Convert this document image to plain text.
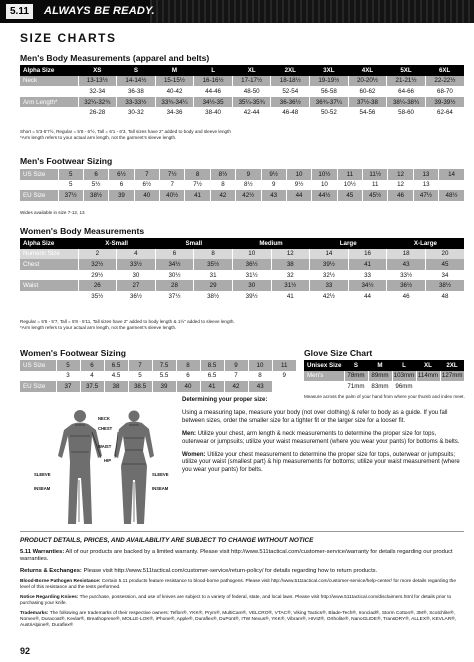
5.11	ALWAYS BE READY.
SIZE CHARTS
Men's Body Measurements (apparel and belts)
Alpha Size	XS	S	M	L	XL	2XL	3XL	4XL	5XL	6XL
Neck	13-13½	14-14½	15-15½	16-16½	17-17½	18-18½	19-19½	20-20½	21-21½	22-22½
Chest	32-34	36-38	40-42	44-46	48-50	52-54	56-58	60-62	64-66	68-70
Arm Length*	32¼-32¾	33-33½	33¾-34¼	34½-35	35¼-35¾	36-36½	36¾-37¼	37½-38	38¼-38¾	39-39½
Waist	26-28	30-32	34-36	38-40	42-44	46-48	50-52	54-56	58-60	62-64
Short = 5'3-5'7½, Regular = 5'8 - 6'½, Tall = 6'1 - 6'3, Tall sizes have 2" added to body and sleeve length
*Arm length refers to your actual arm length, not the garment's sleeve length.
Men's Footwear Sizing
US Size	5	6	6½	7	7½	8	8½	9	9½	10	10½	11	11½	12	13	14
UK Size	5	5½	6	6½	7	7½	8	8½	9	9½	10	10½	11	12	13	
EU Size	37½	38½	39	40	40½	41	42	42½	43	44	44½	45	45½	46	47½	48½
Wides available in size 7-12, 13
Women's Body Measurements
Alpha Size	X-Small		Small		Medium		Large		X-Large	
Numeric Size	2	4	6	8	10	12	14	16	18	20
Chest	32½	33½	34½	35½	36½	38	39½	41	43	45
Arm Length*	29½	30	30½	31	31½	32	32½	33	33½	34
Waist	26	27	28	29	30	31½	33	34½	36½	38½
Hip	35½	36½	37½	38½	39½	41	42½	44	46	48
Regular = 5'5 - 5'7, Tall = 5'8 - 5'11, Tall sizes have 2" added to body length & 1½" added to sleeve length.
*Arm length refers to your actual arm length, not the garment's sleeve length.
Women's Footwear Sizing
US Size	5	6	6.5	7	7.5	8	8.5	9	10	11
UK Size	3	4	4.5	5	5.5	6	6.5	7	8	9
EU Size	37	37.5	38	38.5	39	40	41	42	43	
Glove Size Chart
Unisex Size	S	M	L	XL	2XL
Men's	78mm	89mm	103mm	114mm	127mm
Women's	71mm	83mm	96mm		
Measure across the palm of your hand from where your thumb and index meet.
NECK
CHEST
WAIST
HIP
SLEEVE
INSEAM
SLEEVE
INSEAM

Determining your proper size:

Using a measuring tape, measure your body (not over clothing) & refer to body as a guide. If you fall between sizes, order the smaller size for a tighter fit or the larger size for a looser fit.

Men: Utilize your chest, arm length & neck measurements to determine the proper size for tops, outerwear or jumpsuits; utilize your waist measurement (where you wear your pants) for bottoms & belts.

Women: Utilize your chest measurement to determine the proper size for tops, outerwear or jumpsuits; utilize your waist (smallest part) & hip measurements for bottoms; utilize your waist measurement (where you wear your pants) for belts.

PRODUCT DETAILS, PRICES, AND AVAILABILITY ARE SUBJECT TO CHANGE WITHOUT NOTICE

5.11 Warranties: All of our products are backed by a limited warranty. Please visit http://www.511tactical.com/customer-service/warranty for details regarding our product warranties.

Returns & Exchanges: Please visit http://www.511tactical.com/customer-service/return-policy/ for details regarding how to return products.

Blood-Borne Pathogen Resistance: Certain 5.11 products feature resistance to blood-borne pathogens. Please visit http://www.511tactical.com/customer-service/help-center/ for more details regarding the level of this resistance and the tests performed.

Notice Regarding Knives: The purchase, possession, and use of knives are subject to a variety of federal, state, and local laws. Please visit http://www.511tactical.com/disclaimers.html for details prior to purchasing your knife.

Trademarks: The following are trademarks of their respective owners: Teflon®, YKK®, Prym®, MultiCam®, VELCRO®, VTAC®, Viking Tactics®, Blade-Tech®, Ironclad®, Storm Cotton®, 3M®, Scotchlite®, Nomex®, Duracoat®, Kevlar®, Breathoprene®, MOLLE-LOK®, iPhone®, Apple®, Duraflex®, DuPont®, ITW Nexus®, YKK®, Vibram®, HIVIZ®, Ortholite®, NanoGLIDE®, TransDRY®, ALLEX®, KEVLAR®, AustriAlpine®, Duraflex®

92
